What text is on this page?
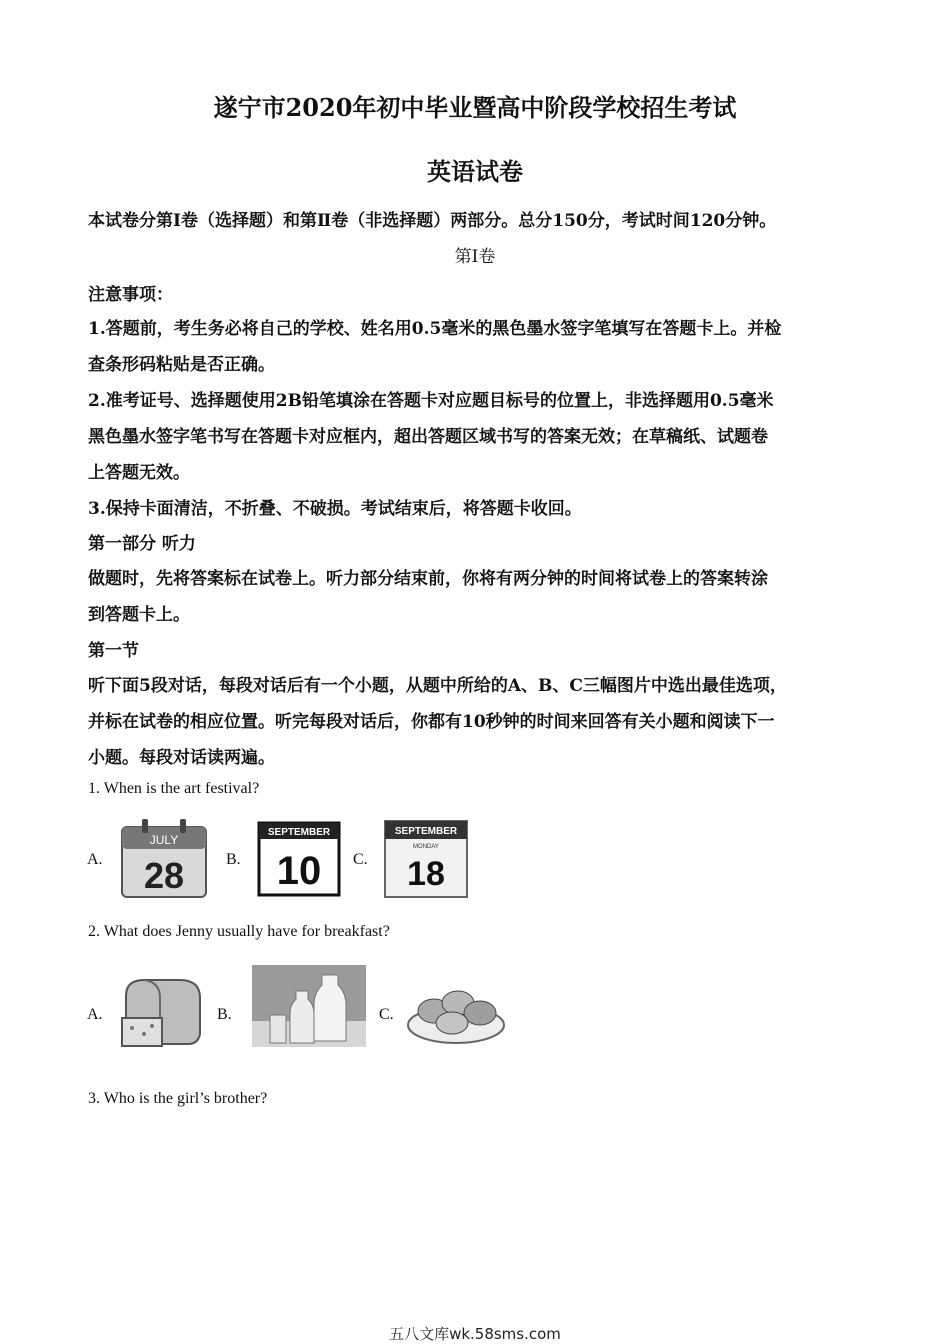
遂宁市2020年初中毕业暨高中阶段学校招生考试
英语试卷
本试卷分第Ⅰ卷（选择题）和第Ⅱ卷（非选择题）两部分。总分150分，考试时间120分钟。
第Ⅰ卷
注意事项：
1.答题前，考生务必将自己的学校、姓名用0.5毫米的黑色墨水签字笔填写在答题卡上。并检
查条形码粘贴是否正确。
2.准考证号、选择题使用2B铅笔填涂在答题卡对应题目标号的位置上，非选择题用0.5毫米
黑色墨水签字笔书写在答题卡对应框内，超出答题区域书写的答案无效；在草稿纸、试题卷
上答题无效。
3.保持卡面清洁，不折叠、不破损。考试结束后，将答题卡收回。
第一部分 听力
做题时，先将答案标在试卷上。听力部分结束前，你将有两分钟的时间将试卷上的答案转涂
到答题卡上。
第一节
听下面5段对话，每段对话后有一个小题，从题中所给的A、B、C三幅图片中选出最佳选项，
并标在试卷的相应位置。听完每段对话后，你都有10秒钟的时间来回答有关小题和阅读下一
小题。每段对话读两遍。
1. When is the art festival?
A.
JULY
28	B.
SEPTEMBER
10 C.
SEPTEMBER
MONDAY
18
2. What does Jenny usually have for breakfast?
A.	B.	C.
3. Who is the girl’s brother?
五八文库wk.58sms.com
